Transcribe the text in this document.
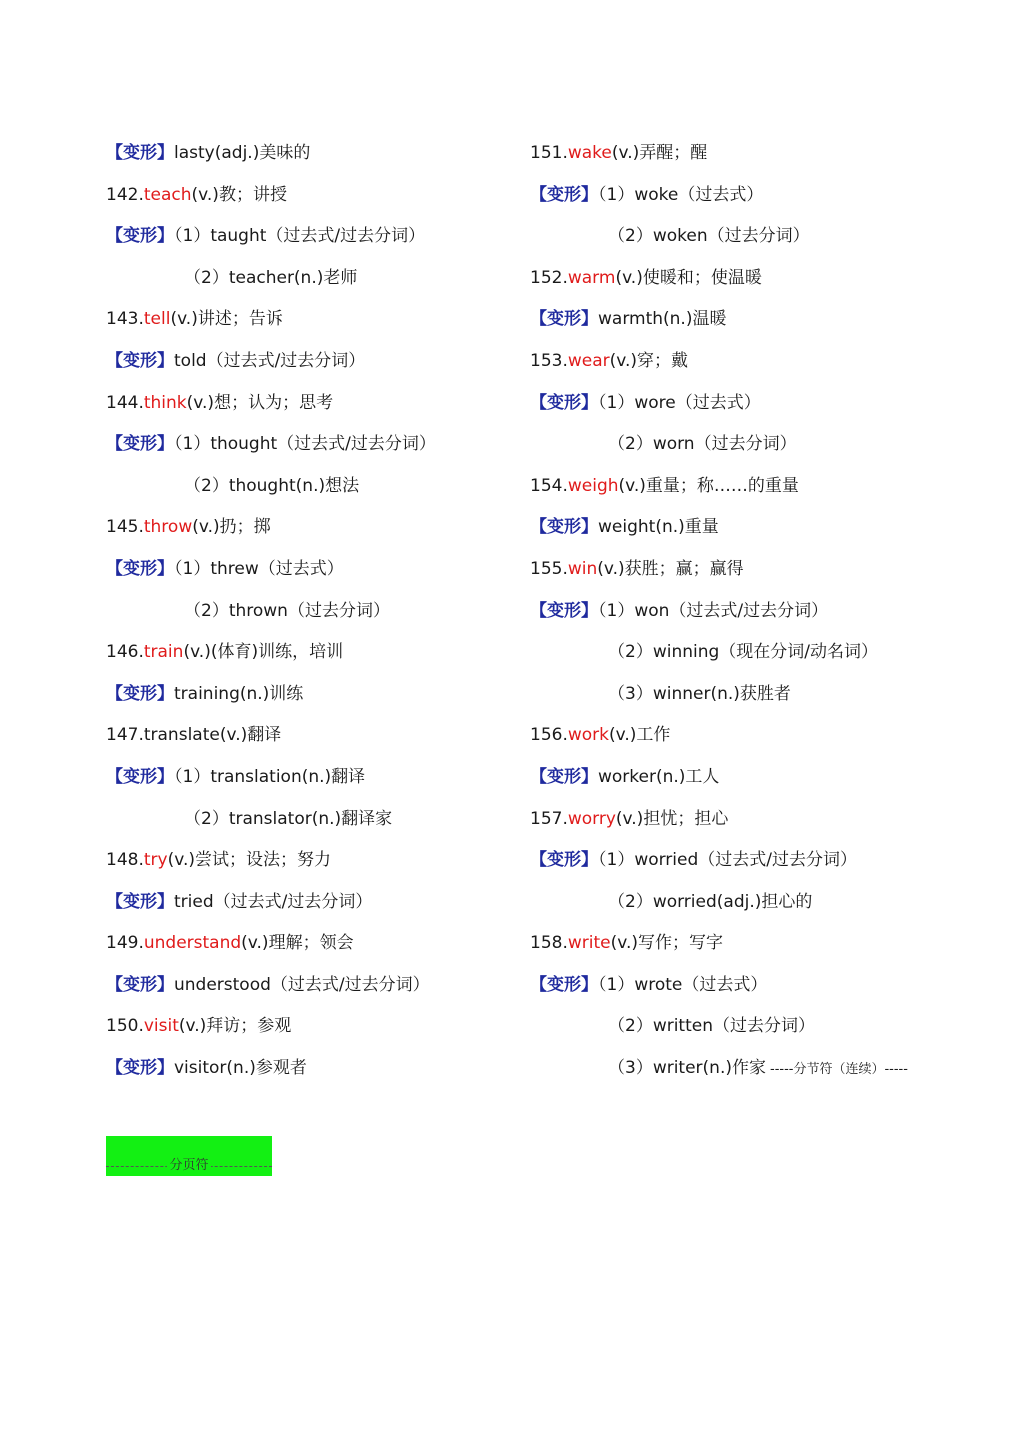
【变形】lasty(adj.)美味的
142.teach(v.)教；讲授
【变形】（1）taught（过去式/过去分词）
（2）teacher(n.)老师
143.tell(v.)讲述；告诉
【变形】told（过去式/过去分词）
144.think(v.)想；认为；思考
【变形】（1）thought（过去式/过去分词）
（2）thought(n.)想法
145.throw(v.)扔；掷
【变形】（1）threw（过去式）
（2）thrown（过去分词）
146.train(v.)(体育)训练，培训
【变形】training(n.)训练
147.translate(v.)翻译
【变形】（1）translation(n.)翻译
（2）translator(n.)翻译家
148.try(v.)尝试；设法；努力
【变形】tried（过去式/过去分词）
149.understand(v.)理解；领会
【变形】understood（过去式/过去分词）
150.visit(v.)拜访；参观
【变形】visitor(n.)参观者
151.wake(v.)弄醒；醒
【变形】（1）woke（过去式）
（2）woken（过去分词）
152.warm(v.)使暖和；使温暖
【变形】warmth(n.)温暖
153.wear(v.)穿；戴
【变形】（1）wore（过去式）
（2）worn（过去分词）
154.weigh(v.)重量；称……的重量
【变形】weight(n.)重量
155.win(v.)获胜；赢；赢得
【变形】（1）won（过去式/过去分词）
（2）winning（现在分词/动名词）
（3）winner(n.)获胜者
156.work(v.)工作
【变形】worker(n.)工人
157.worry(v.)担忧；担心
【变形】（1）worried（过去式/过去分词）
（2）worried(adj.)担心的
158.write(v.)写作；写字
【变形】（1）wrote（过去式）
（2）written（过去分词）
（3）writer(n.)作家 -----分节符（连续）-----
分页符
